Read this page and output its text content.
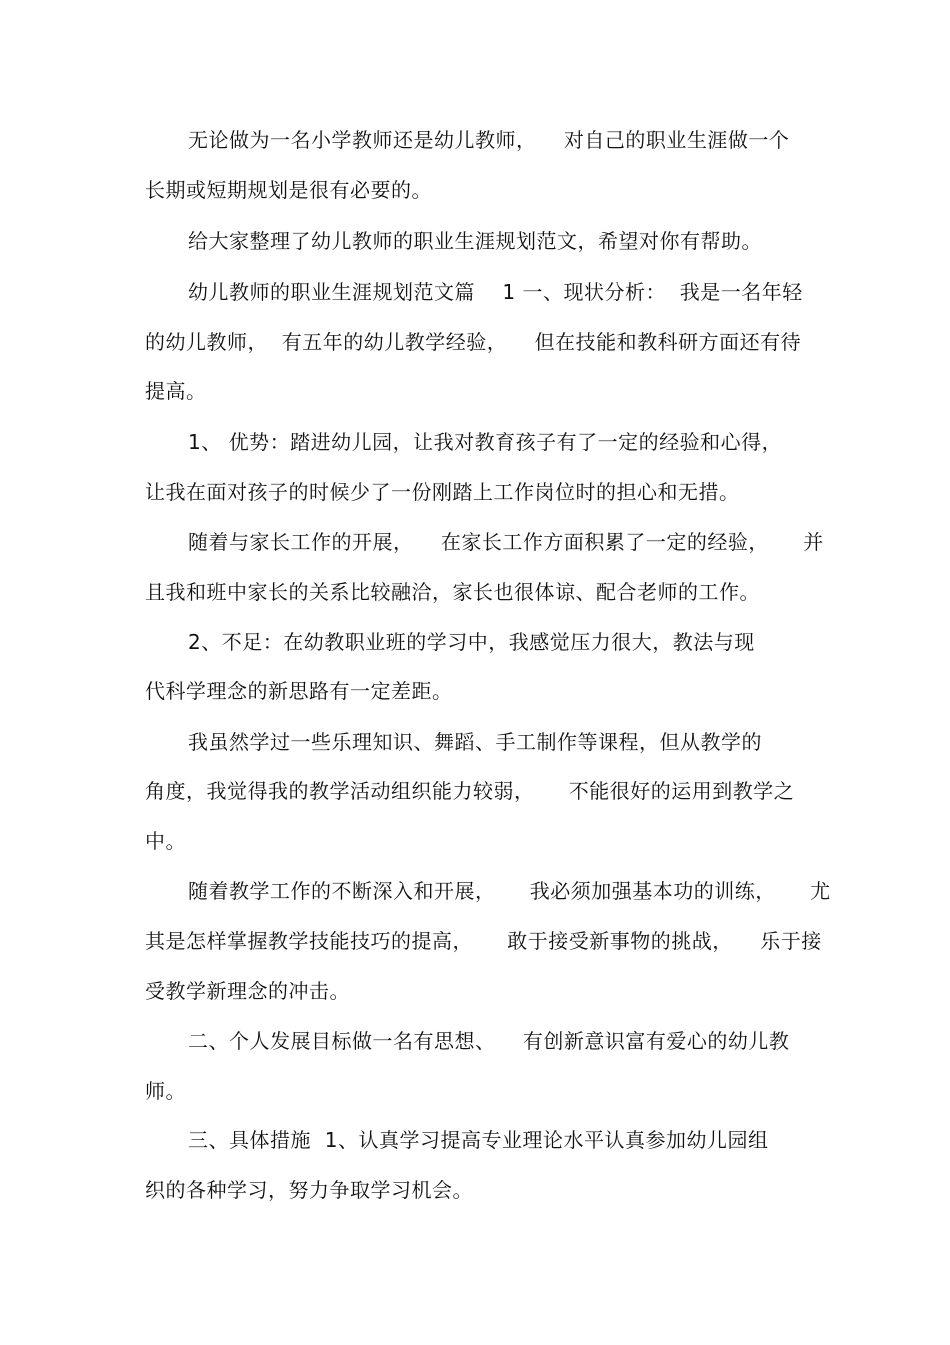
无论做为一名小学教师还是幼儿教师，    对自己的职业生涯做一个

长期或短期规划是很有必要的。

给大家整理了幼儿教师的职业生涯规划范文，希望对你有帮助。

幼儿教师的职业生涯规划范文篇    1 一、现状分析：  我是一名年轻

的幼儿教师，  有五年的幼儿教学经验，    但在技能和教科研方面还有待

提高。

1、 优势：踏进幼儿园，让我对教育孩子有了一定的经验和心得，

让我在面对孩子的时候少了一份刚踏上工作岗位时的担心和无措。

随着与家长工作的开展，    在家长工作方面积累了一定的经验，     并

且我和班中家长的关系比较融洽，家长也很体谅、配合老师的工作。

2、不足：在幼教职业班的学习中，我感觉压力很大，教法与现

代科学理念的新思路有一定差距。

我虽然学过一些乐理知识、舞蹈、手工制作等课程，但从教学的

角度，我觉得我的教学活动组织能力较弱，     不能很好的运用到教学之

中。

随着教学工作的不断深入和开展，     我必须加强基本功的训练，     尤

其是怎样掌握教学技能技巧的提高，     敢于接受新事物的挑战，    乐于接

受教学新理念的冲击。

二、个人发展目标做一名有思想、    有创新意识富有爱心的幼儿教

师。

三、具体措施  1、认真学习提高专业理论水平认真参加幼儿园组

织的各种学习，努力争取学习机会。
